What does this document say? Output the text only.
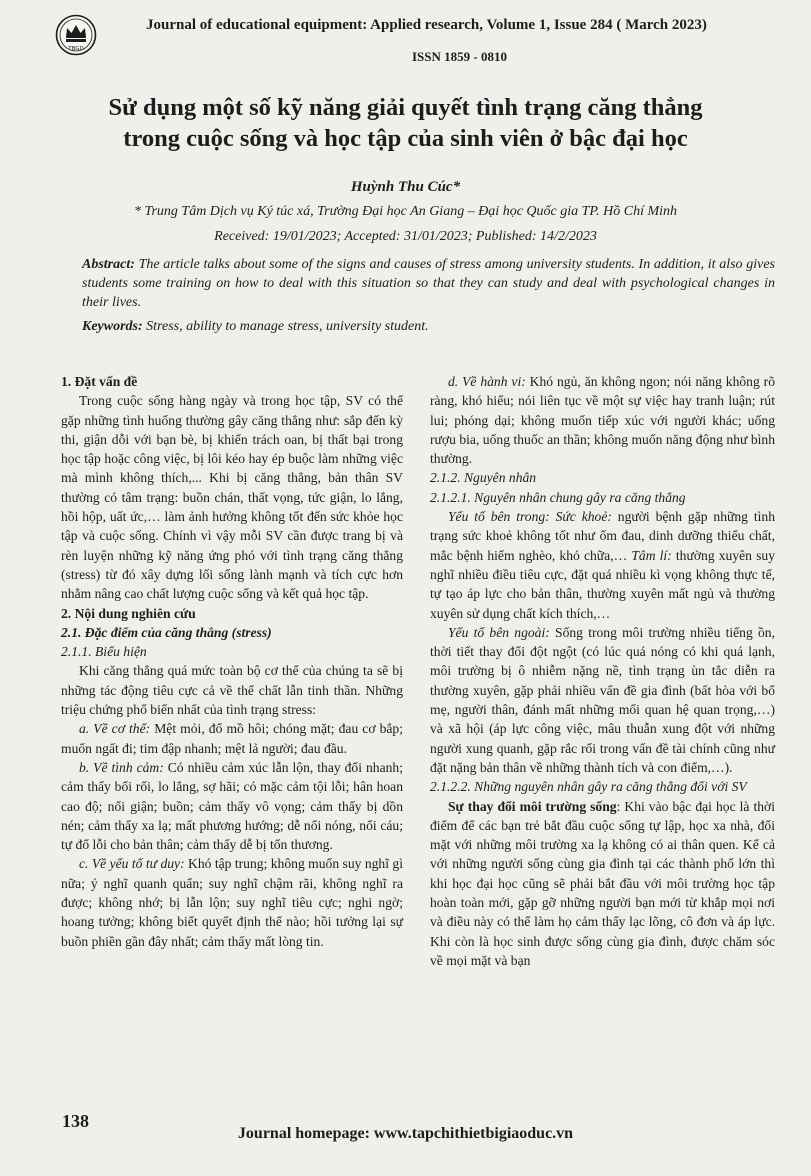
TBGD
Journal of educational equipment: Applied research, Volume 1, Issue 284 ( March 2023)
ISSN 1859 - 0810
Sử dụng một số kỹ năng giải quyết tình trạng căng thẳng
trong cuộc sống và học tập của sinh viên ở bậc đại học
Huỳnh Thu Cúc*
* Trung Tâm Dịch vụ Ký túc xá, Trường Đại học An Giang – Đại học Quốc gia TP. Hồ Chí Minh
Received: 19/01/2023; Accepted: 31/01/2023; Published: 14/2/2023
Abstract: The article talks about some of the signs and causes of stress among university students. In addition, it also gives students some training on how to deal with this situation so that they can study and deal with psychological changes in their lives.
Keywords: Stress, ability to manage stress, university student.

1. Đặt vấn đề

Trong cuộc sống hàng ngày và trong học tập, SV có thể gặp những tình huống thường gây căng thẳng như: sắp đến kỳ thi, giận dỗi với bạn bè, bị khiển trách oan, bị thất bại trong học tập hoặc công việc, bị lôi kéo hay ép buộc làm những việc mà mình không thích,... Khi bị căng thẳng, bản thân SV thường có tâm trạng: buồn chán, thất vọng, tức giận, lo lắng, hồi hộp, uất ức,… làm ảnh hưởng không tốt đến sức khỏe học tập và cuộc sống. Chính vì vậy mỗi SV cần được trang bị và rèn luyện những kỹ năng ứng phó với tình trạng căng thẳng (stress) từ đó xây dựng lối sống lành mạnh và tích cực hơn nhằm nâng cao chất lượng cuộc sống và kết quả học tập.

2. Nội dung nghiên cứu

2.1. Đặc điểm của căng thẳng (stress)

2.1.1. Biểu hiện

Khi căng thẳng quá mức toàn bộ cơ thể của chúng ta sẽ bị những tác động tiêu cực cả về thể chất lẫn tinh thần. Những triệu chứng phổ biến nhất của tình trạng stress:

a. Về cơ thể: Mệt mỏi, đổ mồ hôi; chóng mặt; đau cơ bắp; muốn ngất đi; tim đập nhanh; mệt lả người; đau đầu.

b. Về tình cảm: Có nhiều cảm xúc lẫn lộn, thay đổi nhanh; cảm thấy bối rối, lo lắng, sợ hãi; có mặc cảm tội lỗi; hân hoan cao độ; nổi giận; buồn; cảm thấy vô vọng; cảm thấy bị dồn nén; cảm thấy xa lạ; mất phương hướng; dễ nổi nóng, nổi cáu; tự đổ lỗi cho bản thân; cảm thấy dễ bị tổn thương.

c. Về yếu tố tư duy: Khó tập trung; không muốn suy nghĩ gì nữa; ý nghĩ quanh quẩn; suy nghĩ chậm rãi, không nghĩ ra được; không nhớ; bị lẫn lộn; suy nghĩ tiêu cực; nghi ngờ; hoang tưởng; không biết quyết định thế nào; hồi tưởng lại sự buồn phiền gần đây nhất; cảm thấy mất lòng tin.

d. Về hành vi: Khó ngủ, ăn không ngon; nói năng không rõ ràng, khó hiểu; nói liên tục về một sự việc hay tranh luận; rút lui; phóng dại; không muốn tiếp xúc với người khác; uống rượu bia, uống thuốc an thần; không muốn năng động như bình thường.

2.1.2. Nguyên nhân

2.1.2.1. Nguyên nhân chung gây ra căng thẳng

Yếu tố bên trong: Sức khoẻ: người bệnh gặp những tình trạng sức khoẻ không tốt như ốm đau, dinh dưỡng thiếu chất, mắc bệnh hiểm nghèo, khó chữa,… Tâm lí: thường xuyên suy nghĩ nhiều điều tiêu cực, đặt quá nhiều kì vọng không thực tế, tự tạo áp lực cho bản thân, thường xuyên mất ngủ và thường xuyên sử dụng chất kích thích,…

Yếu tố bên ngoài: Sống trong môi trường nhiều tiếng ồn, thời tiết thay đổi đột ngột (có lúc quá nóng có khi quá lạnh, môi trường bị ô nhiễm nặng nề, tình trạng ùn tắc diễn ra thường xuyên, gặp phải nhiều vấn đề gia đình (bất hòa với bố mẹ, người thân, đánh mất những mối quan hệ quan trọng,…) và xã hội (áp lực công việc, mâu thuẫn xung đột với những người xung quanh, gặp rắc rối trong vấn đề tài chính cũng như đặt nặng bản thân về những thành tích và con điểm,…).

2.1.2.2. Những nguyên nhân gây ra căng thẳng đối với SV

Sự thay đổi môi trường sống: Khi vào bậc đại học là thời điểm để các bạn trẻ bắt đầu cuộc sống tự lập, học xa nhà, đối mặt với những môi trường xa lạ không có ai thân quen. Kể cả với những người sống cùng gia đình tại các thành phố lớn thì khi học đại học cũng sẽ phải bắt đầu với môi trường học tập hoàn toàn mới, gặp gỡ những người bạn mới từ khắp mọi nơi và điều này có thể làm họ cảm thấy lạc lõng, cô đơn và áp lực. Khi còn là học sinh được sống cùng gia đình, được chăm sóc về mọi mặt và bạn

138
Journal homepage: www.tapchithietbigiaoduc.vn
